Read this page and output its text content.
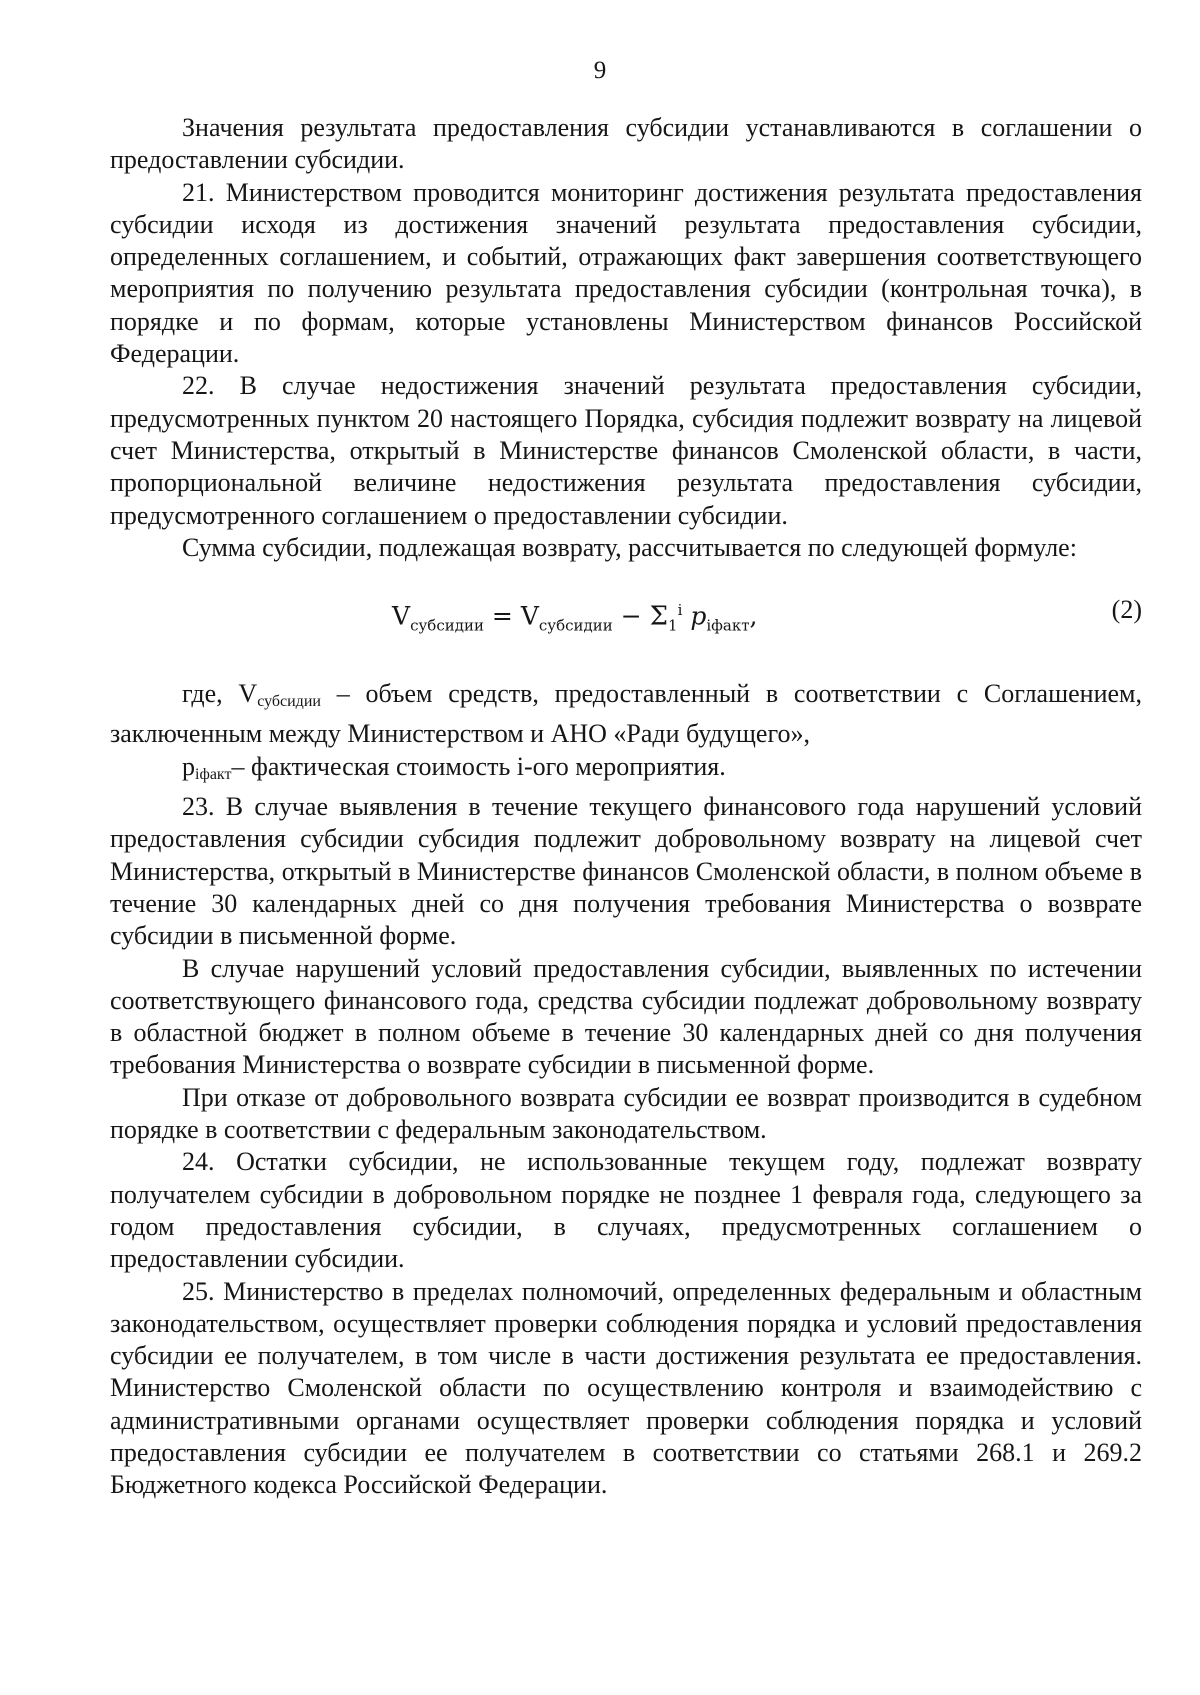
9

Значения результата предоставления субсидии устанавливаются в соглашении о предоставлении субсидии.

21. Министерством проводится мониторинг достижения результата предоставления субсидии исходя из достижения значений результата предоставления субсидии, определенных соглашением, и событий, отражающих факт завершения соответствующего мероприятия по получению результата предоставления субсидии (контрольная точка), в порядке и по формам, которые установлены Министерством финансов Российской Федерации.

22. В случае недостижения значений результата предоставления субсидии, предусмотренных пунктом 20 настоящего Порядка, субсидия подлежит возврату на лицевой счет Министерства, открытый в Министерстве финансов Смоленской области, в части, пропорциональной величине недостижения результата предоставления субсидии, предусмотренного соглашением о предоставлении субсидии.

Сумма субсидии, подлежащая возврату, рассчитывается по следующей формуле:

$V_{субсидии} = V_{субсидии} - \Sigma_1^i$ $p_{iфакт}$,	(2)

где, Vсубсидии – объем средств, предоставленный в соответствии с Соглашением, заключенным между Министерством и АНО «Ради будущего»,

piфакт– фактическая стоимость i-ого мероприятия.

23. В случае выявления в течение текущего финансового года нарушений условий предоставления субсидии субсидия подлежит добровольному возврату на лицевой счет Министерства, открытый в Министерстве финансов Смоленской области, в полном объеме в течение 30 календарных дней со дня получения требования Министерства о возврате субсидии в письменной форме.

В случае нарушений условий предоставления субсидии, выявленных по истечении соответствующего финансового года, средства субсидии подлежат добровольному возврату в областной бюджет в полном объеме в течение 30 календарных дней со дня получения требования Министерства о возврате субсидии в письменной форме.

При отказе от добровольного возврата субсидии ее возврат производится в судебном порядке в соответствии с федеральным законодательством.

24. Остатки субсидии, не использованные текущем году, подлежат возврату получателем субсидии в добровольном порядке не позднее 1 февраля года, следующего за годом предоставления субсидии, в случаях, предусмотренных соглашением о предоставлении субсидии.

25. Министерство в пределах полномочий, определенных федеральным и областным законодательством, осуществляет проверки соблюдения порядка и условий предоставления субсидии ее получателем, в том числе в части достижения результата ее предоставления. Министерство Смоленской области по осуществлению контроля и взаимодействию с административными органами осуществляет проверки соблюдения порядка и условий предоставления субсидии ее получателем в соответствии со статьями 268.1 и 269.2 Бюджетного кодекса Российской Федерации.
